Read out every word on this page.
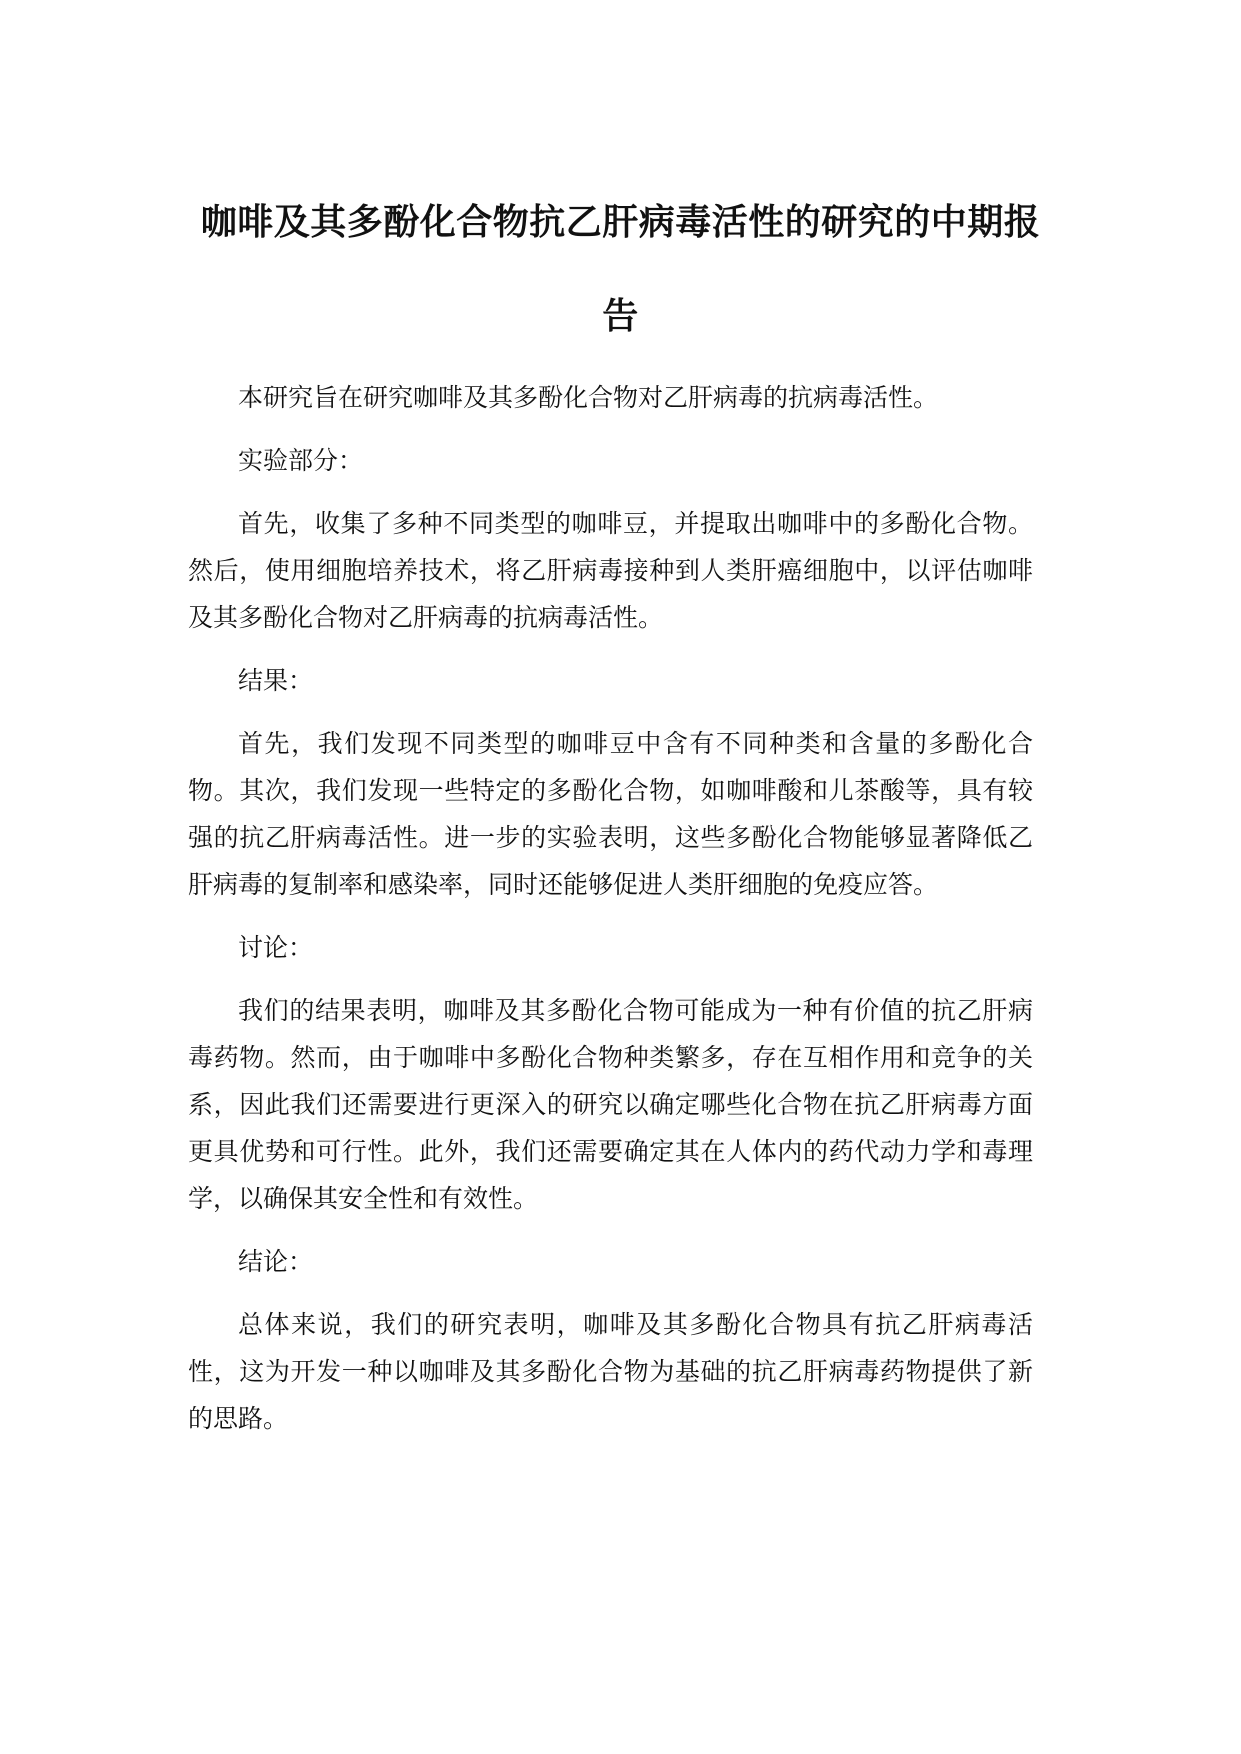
咖啡及其多酚化合物抗乙肝病毒活性的研究的中期报告

本研究旨在研究咖啡及其多酚化合物对乙肝病毒的抗病毒活性。

实验部分：

首先，收集了多种不同类型的咖啡豆，并提取出咖啡中的多酚化合物。然后，使用细胞培养技术，将乙肝病毒接种到人类肝癌细胞中，以评估咖啡及其多酚化合物对乙肝病毒的抗病毒活性。

结果：

首先，我们发现不同类型的咖啡豆中含有不同种类和含量的多酚化合物。其次，我们发现一些特定的多酚化合物，如咖啡酸和儿茶酸等，具有较强的抗乙肝病毒活性。进一步的实验表明，这些多酚化合物能够显著降低乙肝病毒的复制率和感染率，同时还能够促进人类肝细胞的免疫应答。

讨论：

我们的结果表明，咖啡及其多酚化合物可能成为一种有价值的抗乙肝病毒药物。然而，由于咖啡中多酚化合物种类繁多，存在互相作用和竞争的关系，因此我们还需要进行更深入的研究以确定哪些化合物在抗乙肝病毒方面更具优势和可行性。此外，我们还需要确定其在人体内的药代动力学和毒理学，以确保其安全性和有效性。

结论：

总体来说，我们的研究表明，咖啡及其多酚化合物具有抗乙肝病毒活性，这为开发一种以咖啡及其多酚化合物为基础的抗乙肝病毒药物提供了新的思路。
